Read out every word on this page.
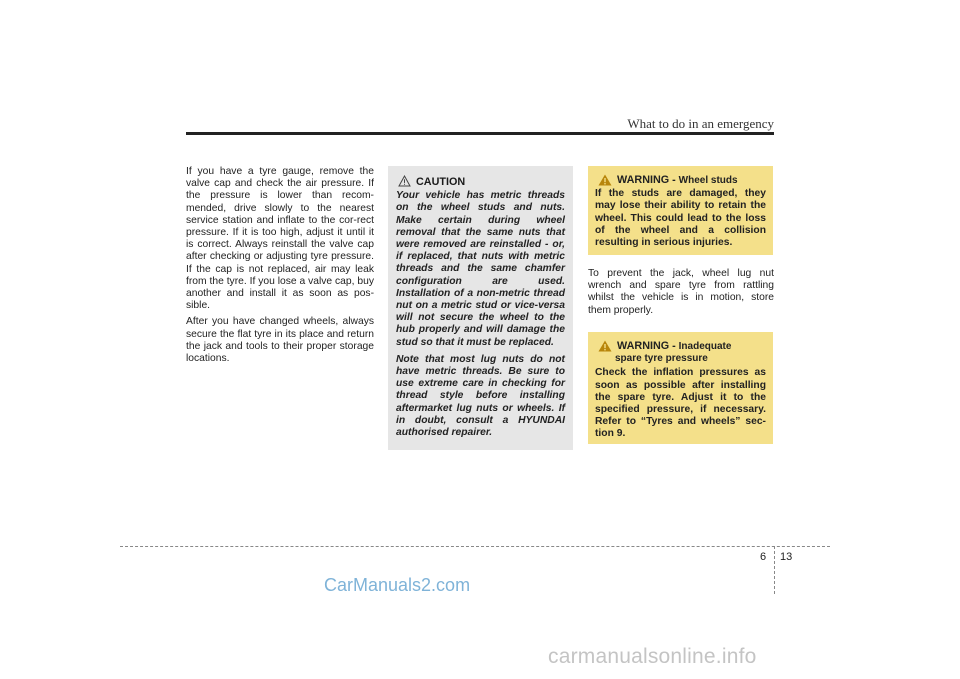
What to do in an emergency

If you have a tyre gauge, remove the valve cap and check the air pressure. If the pressure is lower than recom-mended, drive slowly to the nearest service station and inflate to the cor-rect pressure. If it is too high, adjust it until it is correct. Always reinstall the valve cap after checking or adjusting tyre pressure. If the cap is not replaced, air may leak from the tyre. If you lose a valve cap, buy another and install it as soon as pos-sible.

After you have changed wheels, always secure the flat tyre in its place and return the jack and tools to their proper storage locations.

CAUTION

Your vehicle has metric threads on the wheel studs and nuts. Make certain during wheel removal that the same nuts that were removed are reinstalled - or, if replaced, that nuts with metric threads and the same chamfer configuration are used. Installation of a non-metric thread nut on a metric stud or vice-versa will not secure the wheel to the hub properly and will damage the stud so that it must be replaced.

Note that most lug nuts do not have metric threads. Be sure to use extreme care in checking for thread style before installing aftermarket lug nuts or wheels. If in doubt, consult a HYUNDAI authorised repairer.

WARNING - Wheel studs
If the studs are damaged, they may lose their ability to retain the wheel. This could lead to the loss of the wheel and a collision resulting in serious injuries.
To prevent the jack, wheel lug nut wrench and spare tyre from rattling whilst the vehicle is in motion, store them properly.
WARNING - Inadequate
spare tyre pressure
Check the inflation pressures as soon as possible after installing the spare tyre. Adjust it to the specified pressure, if necessary. Refer to “Tyres and wheels” sec-tion 9.
6 13
CarManuals2.com
carmanualsonline.info
